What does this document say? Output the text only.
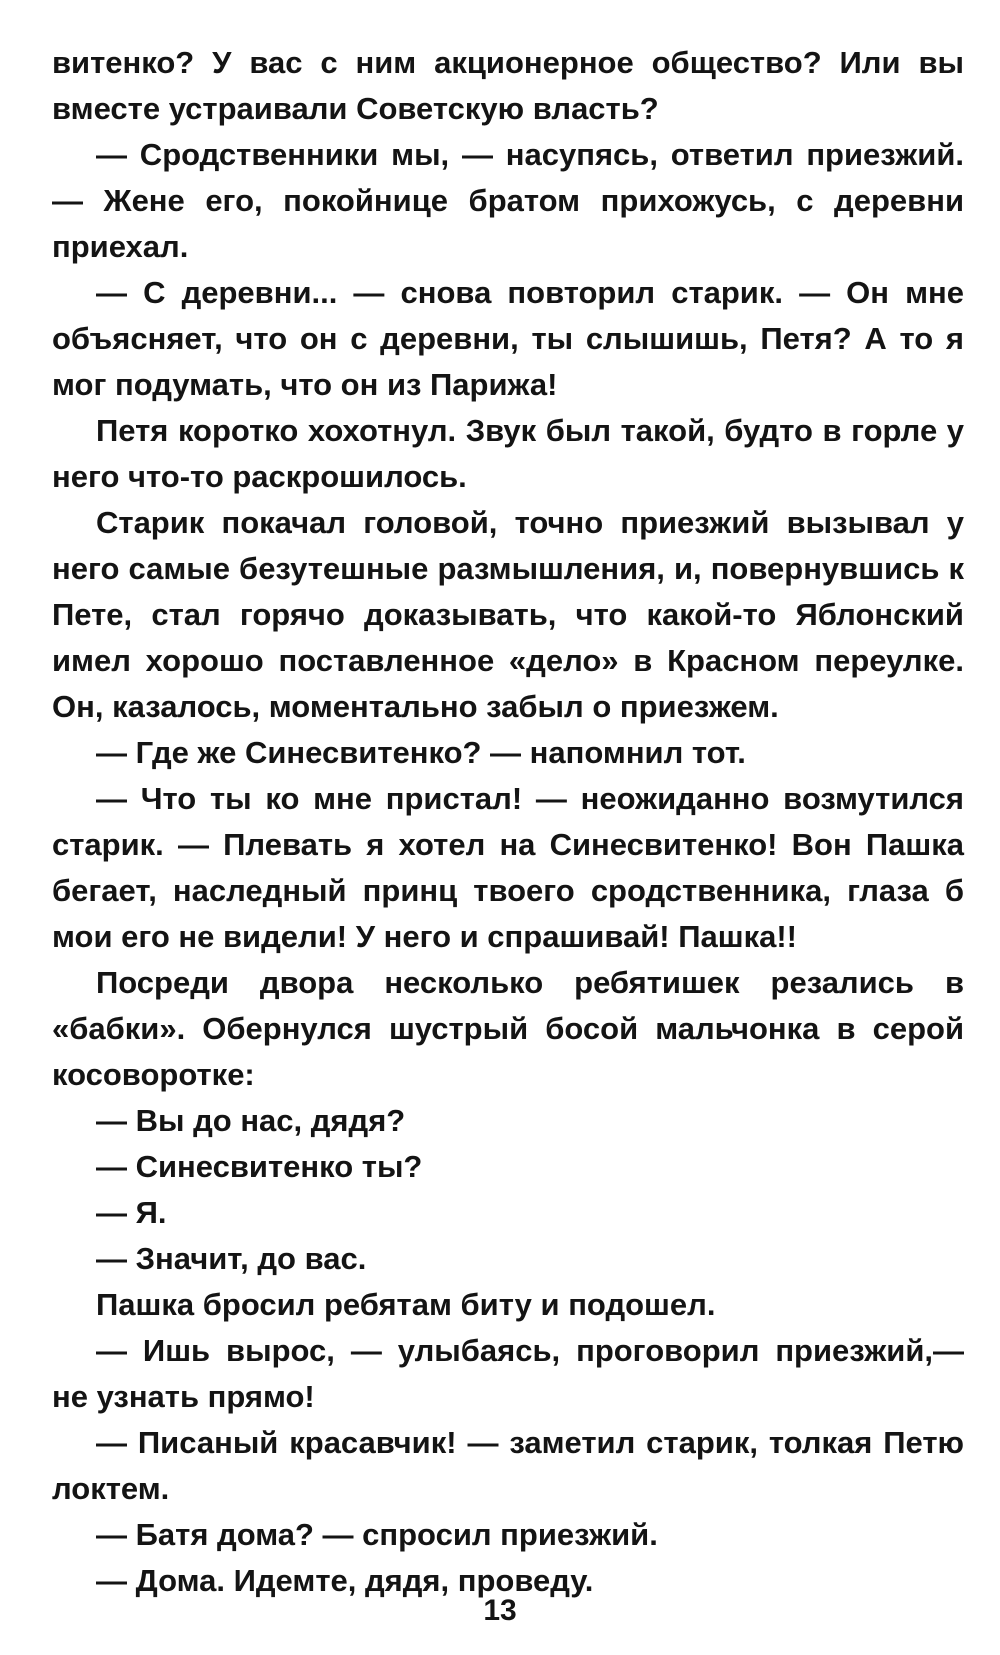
витенко? У вас с ним акционерное общество? Или вы вместе устраивали Советскую власть?

— Сродственники мы, — насупясь, ответил приезжий. — Жене его, покойнице братом прихожусь, с деревни приехал.

— С деревни... — снова повторил старик. — Он мне объясняет, что он с деревни, ты слышишь, Петя? А то я мог подумать, что он из Парижа!

Петя коротко хохотнул. Звук был такой, будто в горле у него что-то раскрошилось.

Старик покачал головой, точно приезжий вызывал у него самые безутешные размышления, и, повернувшись к Пете, стал горячо доказывать, что какой-то Яблонский имел хорошо поставленное «дело» в Красном переулке. Он, казалось, моментально забыл о приезжем.

— Где же Синесвитенко? — напомнил тот.

— Что ты ко мне пристал! — неожиданно возмутился старик. — Плевать я хотел на Синесвитенко! Вон Пашка бегает, наследный принц твоего сродственника, глаза б мои его не видели! У него и спрашивай! Пашка!!

Посреди двора несколько ребятишек резались в «бабки». Обернулся шустрый босой мальчонка в серой косоворотке:

— Вы до нас, дядя?

— Синесвитенко ты?

— Я.

— Значит, до вас.

Пашка бросил ребятам биту и подошел.

— Ишь вырос, — улыбаясь, проговорил приезжий,— не узнать прямо!

— Писаный красавчик! — заметил старик, толкая Петю локтем.

— Батя дома? — спросил приезжий.

— Дома. Идемте, дядя, проведу.

13
